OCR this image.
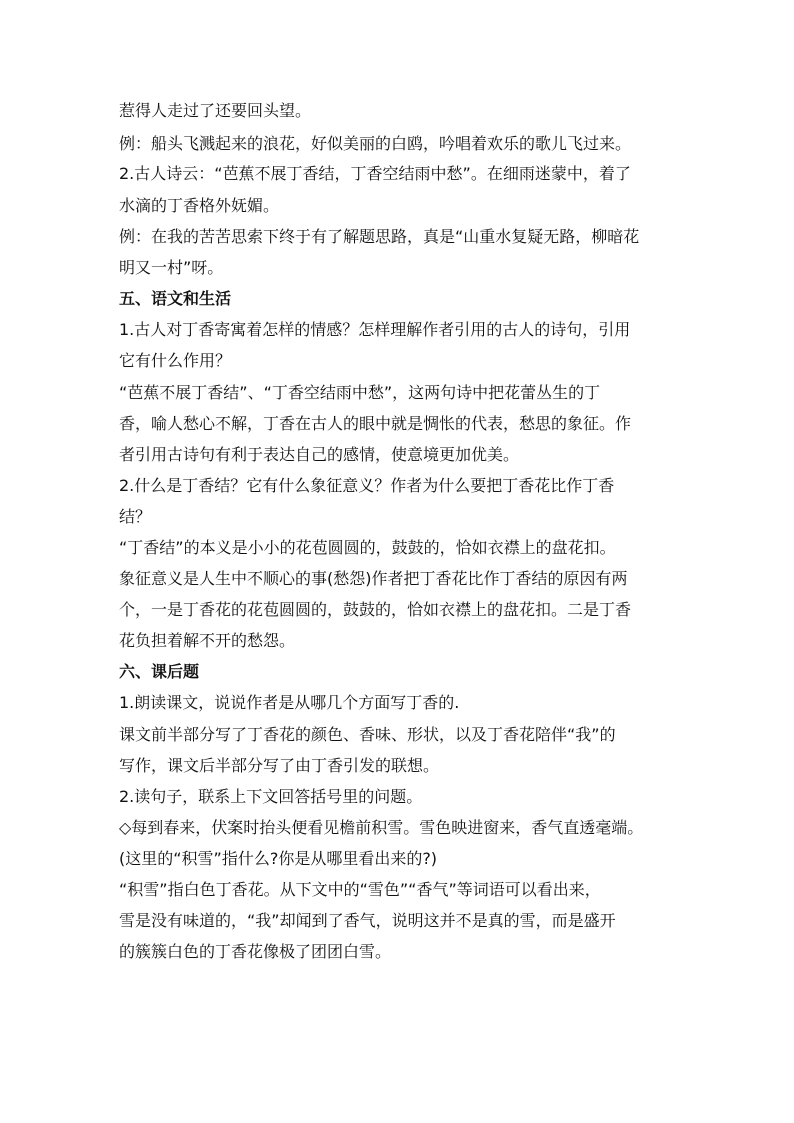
惹得人走过了还要回头望。
例：船头飞溅起来的浪花，好似美丽的白鸥，吟唱着欢乐的歌儿飞过来。
2.古人诗云：“芭蕉不展丁香结，丁香空结雨中愁”。在细雨迷蒙中，着了
水滴的丁香格外妩媚。
例：在我的苦苦思索下终于有了解题思路，真是“山重水复疑无路，柳暗花
明又一村”呀。
五、语文和生活
1.古人对丁香寄寓着怎样的情感？怎样理解作者引用的古人的诗句，引用
它有什么作用？
“芭蕉不展丁香结”、“丁香空结雨中愁”，这两句诗中把花蕾丛生的丁
香，喻人愁心不解，丁香在古人的眼中就是惆怅的代表，愁思的象征。作
者引用古诗句有利于表达自己的感情，使意境更加优美。
2.什么是丁香结？它有什么象征意义？作者为什么要把丁香花比作丁香
结？
“丁香结”的本义是小小的花苞圆圆的，鼓鼓的，恰如衣襟上的盘花扣。
象征意义是人生中不顺心的事(愁怨)作者把丁香花比作丁香结的原因有两
个，一是丁香花的花苞圆圆的，鼓鼓的，恰如衣襟上的盘花扣。二是丁香
花负担着解不开的愁怨。
六、课后题
1.朗读课文，说说作者是从哪几个方面写丁香的.
课文前半部分写了丁香花的颜色、香味、形状，以及丁香花陪伴“我”的
写作，课文后半部分写了由丁香引发的联想。
2.读句子，联系上下文回答括号里的问题。
◇每到春来，伏案时抬头便看见檐前积雪。雪色映进窗来，香气直透毫端。
(这里的“积雪”指什么?你是从哪里看出来的?)
“积雪”指白色丁香花。从下文中的“雪色”“香气”等词语可以看出来，
雪是没有味道的，“我”却闻到了香气，说明这并不是真的雪，而是盛开
的簇簇白色的丁香花像极了团团白雪。
